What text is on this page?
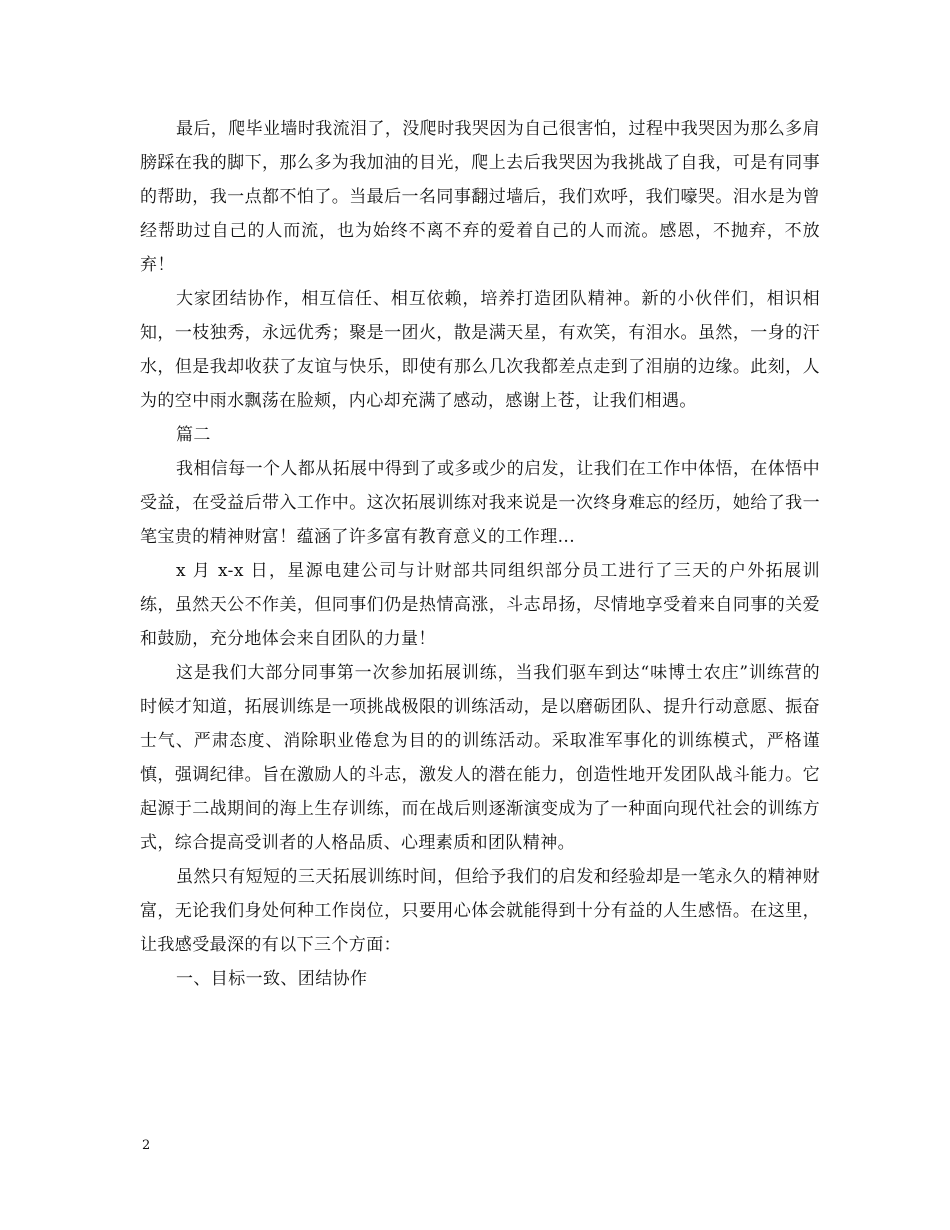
最后，爬毕业墙时我流泪了，没爬时我哭因为自己很害怕，过程中我哭因为那么多肩膀踩在我的脚下，那么多为我加油的目光，爬上去后我哭因为我挑战了自我，可是有同事的帮助，我一点都不怕了。当最后一名同事翻过墙后，我们欢呼，我们嚎哭。泪水是为曾经帮助过自己的人而流，也为始终不离不弃的爱着自己的人而流。感恩，不抛弃，不放弃！

大家团结协作，相互信任、相互依赖，培养打造团队精神。新的小伙伴们，相识相知，一枝独秀，永远优秀；聚是一团火，散是满天星，有欢笑，有泪水。虽然，一身的汗水，但是我却收获了友谊与快乐，即使有那么几次我都差点走到了泪崩的边缘。此刻，人为的空中雨水飘荡在脸颊，内心却充满了感动，感谢上苍，让我们相遇。

篇二

我相信每一个人都从拓展中得到了或多或少的启发，让我们在工作中体悟，在体悟中受益，在受益后带入工作中。这次拓展训练对我来说是一次终身难忘的经历，她给了我一笔宝贵的精神财富！蕴涵了许多富有教育意义的工作理...

x 月 x-x 日，星源电建公司与计财部共同组织部分员工进行了三天的户外拓展训练，虽然天公不作美，但同事们仍是热情高涨，斗志昂扬，尽情地享受着来自同事的关爱和鼓励，充分地体会来自团队的力量！

这是我们大部分同事第一次参加拓展训练，当我们驱车到达“味博士农庄”训练营的时候才知道，拓展训练是一项挑战极限的训练活动，是以磨砺团队、提升行动意愿、振奋士气、严肃态度、消除职业倦怠为目的的训练活动。采取准军事化的训练模式，严格谨慎，强调纪律。旨在激励人的斗志，激发人的潜在能力，创造性地开发团队战斗能力。它起源于二战期间的海上生存训练，而在战后则逐渐演变成为了一种面向现代社会的训练方式，综合提高受训者的人格品质、心理素质和团队精神。

虽然只有短短的三天拓展训练时间，但给予我们的启发和经验却是一笔永久的精神财富，无论我们身处何种工作岗位，只要用心体会就能得到十分有益的人生感悟。在这里，让我感受最深的有以下三个方面：

一、目标一致、团结协作

2
